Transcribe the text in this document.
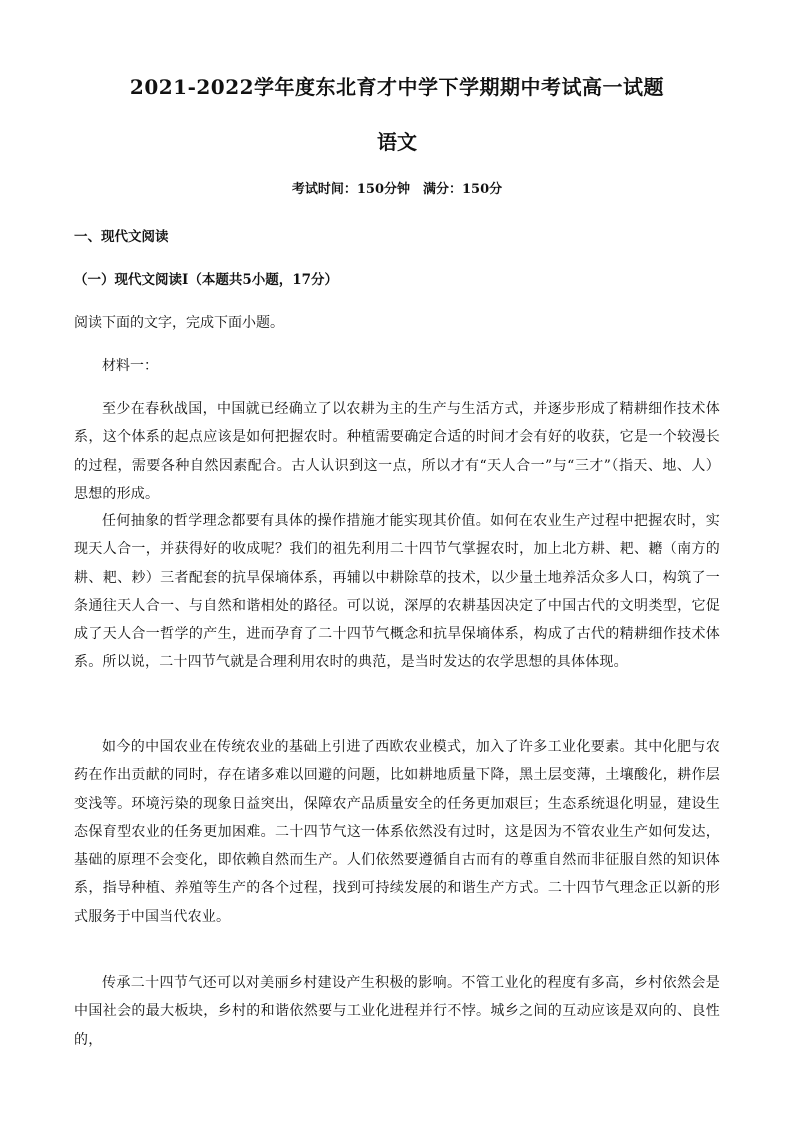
2021-2022学年度东北育才中学下学期期中考试高一试题
语文
考试时间：150分钟　满分：150分
一、现代文阅读
（一）现代文阅读Ⅰ（本题共5小题，17分）
阅读下面的文字，完成下面小题。
材料一：

至少在春秋战国，中国就已经确立了以农耕为主的生产与生活方式，并逐步形成了精耕细作技术体系，这个体系的起点应该是如何把握农时。种植需要确定合适的时间才会有好的收获，它是一个较漫长的过程，需要各种自然因素配合。古人认识到这一点，所以才有“天人合一”与“三才”（指天、地、人）思想的形成。

任何抽象的哲学理念都要有具体的操作措施才能实现其价值。如何在农业生产过程中把握农时，实现天人合一，并获得好的收成呢？我们的祖先利用二十四节气掌握农时，加上北方耕、耙、耱（南方的耕、耙、耖）三者配套的抗旱保墒体系，再辅以中耕除草的技术，以少量土地养活众多人口，构筑了一条通往天人合一、与自然和谐相处的路径。可以说，深厚的农耕基因决定了中国古代的文明类型，它促成了天人合一哲学的产生，进而孕育了二十四节气概念和抗旱保墒体系，构成了古代的精耕细作技术体系。所以说，二十四节气就是合理利用农时的典范，是当时发达的农学思想的具体体现。

如今的中国农业在传统农业的基础上引进了西欧农业模式，加入了许多工业化要素。其中化肥与农药在作出贡献的同时，存在诸多难以回避的问题，比如耕地质量下降，黑土层变薄，土壤酸化，耕作层变浅等。环境污染的现象日益突出，保障农产品质量安全的任务更加艰巨；生态系统退化明显，建设生态保育型农业的任务更加困难。二十四节气这一体系依然没有过时，这是因为不管农业生产如何发达，基础的原理不会变化，即依赖自然而生产。人们依然要遵循自古而有的尊重自然而非征服自然的知识体系，指导种植、养殖等生产的各个过程，找到可持续发展的和谐生产方式。二十四节气理念正以新的形式服务于中国当代农业。

传承二十四节气还可以对美丽乡村建设产生积极的影响。不管工业化的程度有多高，乡村依然会是中国社会的最大板块，乡村的和谐依然要与工业化进程并行不悖。城乡之间的互动应该是双向的、良性的，
